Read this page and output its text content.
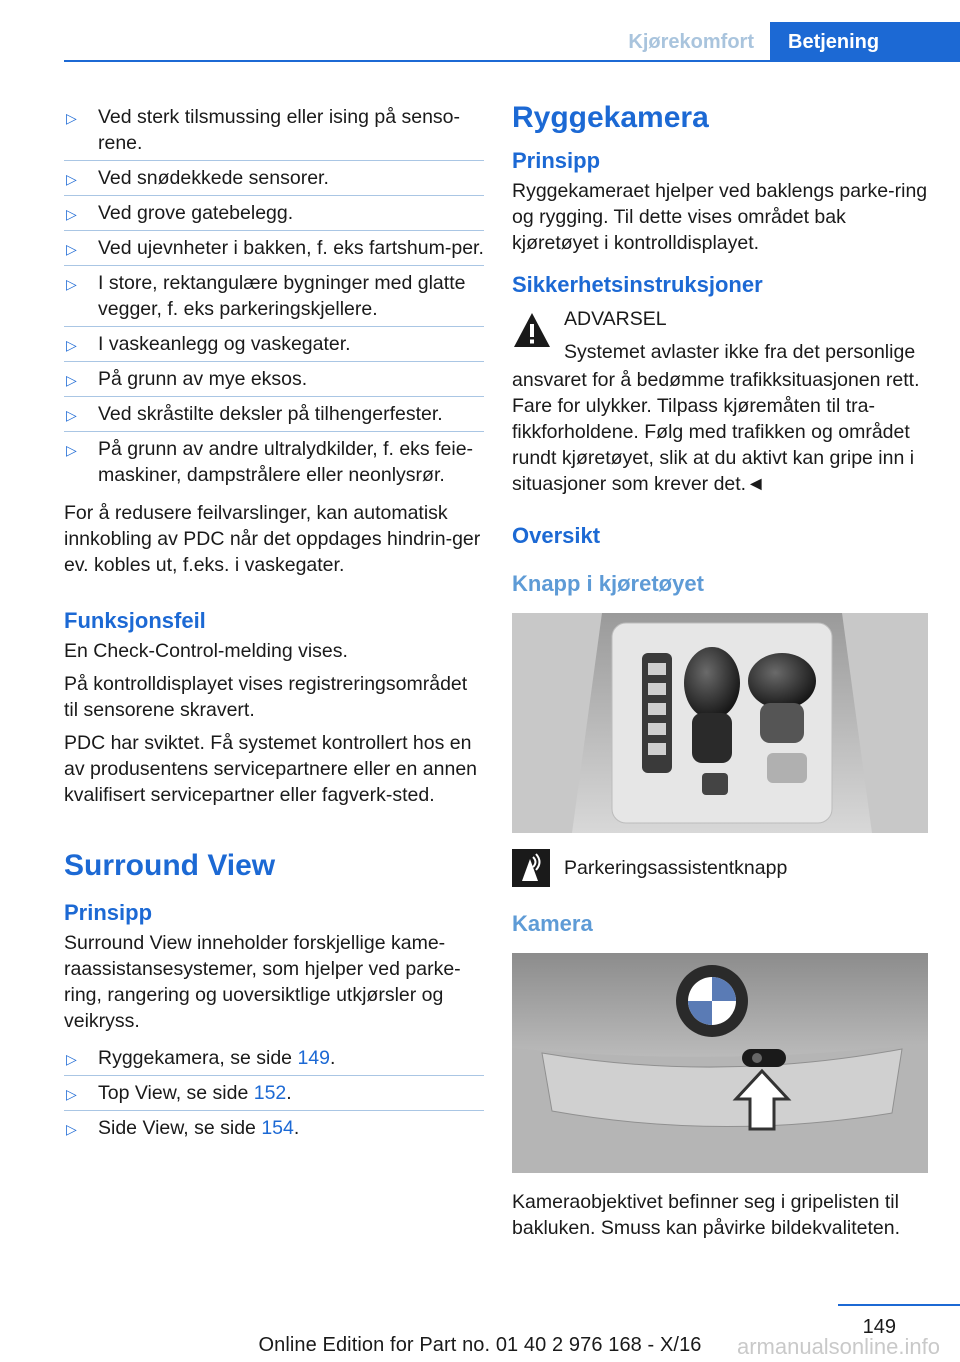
Kjørekomfort	Betjening
▷ Ved sterk tilsmussing eller ising på senso-rene.
▷ Ved snødekkede sensorer.
▷ Ved grove gatebelegg.
▷ Ved ujevnheter i bakken, f. eks fartshum-per.
▷ I store, rektangulære bygninger med glatte vegger, f. eks parkeringskjellere.
▷ I vaskeanlegg og vaskegater.
▷ På grunn av mye eksos.
▷ Ved skråstilte deksler på tilhengerfester.
▷ På grunn av andre ultralydkilder, f. eks feie-maskiner, dampstrålere eller neonlysrør.

For å redusere feilvarslinger, kan automatisk innkobling av PDC når det oppdages hindrin-ger ev. kobles ut, f.eks. i vaskegater.

Funksjonsfeil

En Check-Control-melding vises.

På kontrolldisplayet vises registreringsområdet til sensorene skravert.

PDC har sviktet. Få systemet kontrollert hos en av produsentens servicepartnere eller en annen kvalifisert servicepartner eller fagverk-sted.

Surround View
Prinsipp

Surround View inneholder forskjellige kame-raassistansesystemer, som hjelper ved parke-ring, rangering og uoversiktlige utkjørsler og veikryss.

▷ Ryggekamera, se side 149.
▷ Top View, se side 152.
▷ Side View, se side 154.
Ryggekamera
Prinsipp

Ryggekameraet hjelper ved baklengs parke-ring og rygging. Til dette vises området bak kjøretøyet i kontrolldisplayet.

Sikkerhetsinstruksjoner

ADVARSEL

Systemet avlaster ikke fra det personlige

ansvaret for å bedømme trafikksituasjonen rett. Fare for ulykker. Tilpass kjøremåten til tra-fikkforholdene. Følg med trafikken og området rundt kjøretøyet, slik at du aktivt kan gripe inn i situasjoner som krever det.◄

Oversikt
Knapp i kjøretøyet
Parkeringsassistentknapp
Kamera

Kameraobjektivet befinner seg i gripelisten til bakluken. Smuss kan påvirke bildekvaliteten.

149
Online Edition for Part no. 01 40 2 976 168 - X/16	armanualsonline.info
